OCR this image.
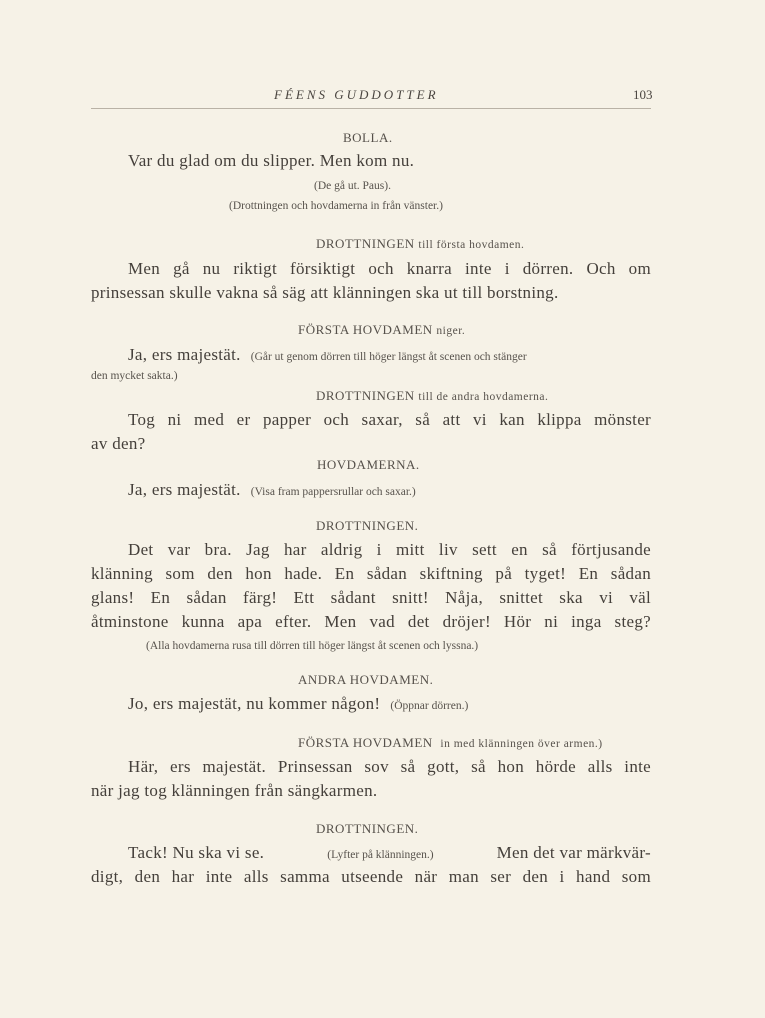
FÉENS GUDDOTTER	103
BOLLA.
Var du glad om du slipper. Men kom nu.
(De gå ut. Paus).
(Drottningen och hovdamerna in från vänster.)
DROTTNINGEN till första hovdamen.
Men gå nu riktigt försiktigt och knarra inte i dörren. Och om
prinsessan skulle vakna så säg att klänningen ska ut till borstning.
FÖRSTA HOVDAMEN niger.
Ja, ers majestät. (Går ut genom dörren till höger längst åt scenen och stänger
den mycket sakta.)
DROTTNINGEN till de andra hovdamerna.
Tog ni med er papper och saxar, så att vi kan klippa mönster
av den?
HOVDAMERNA.
Ja, ers majestät. (Visa fram pappersrullar och saxar.)
DROTTNINGEN.
Det var bra. Jag har aldrig i mitt liv sett en så förtjusande
klänning som den hon hade. En sådan skiftning på tyget! En sådan
glans! En sådan färg! Ett sådant snitt! Nåja, snittet ska vi väl
åtminstone kunna apa efter. Men vad det dröjer! Hör ni inga steg?
(Alla hovdamerna rusa till dörren till höger längst åt scenen och lyssna.)
ANDRA HOVDAMEN.
Jo, ers majestät, nu kommer någon! (Öppnar dörren.)
FÖRSTA HOVDAMEN in med klänningen över armen.)
Här, ers majestät. Prinsessan sov så gott, så hon hörde alls inte
när jag tog klänningen från sängkarmen.
DROTTNINGEN.
Tack! Nu ska vi se.	(Lyfter på klänningen.)	Men det var märkvär-
digt, den har inte alls samma utseende när man ser den i hand som
